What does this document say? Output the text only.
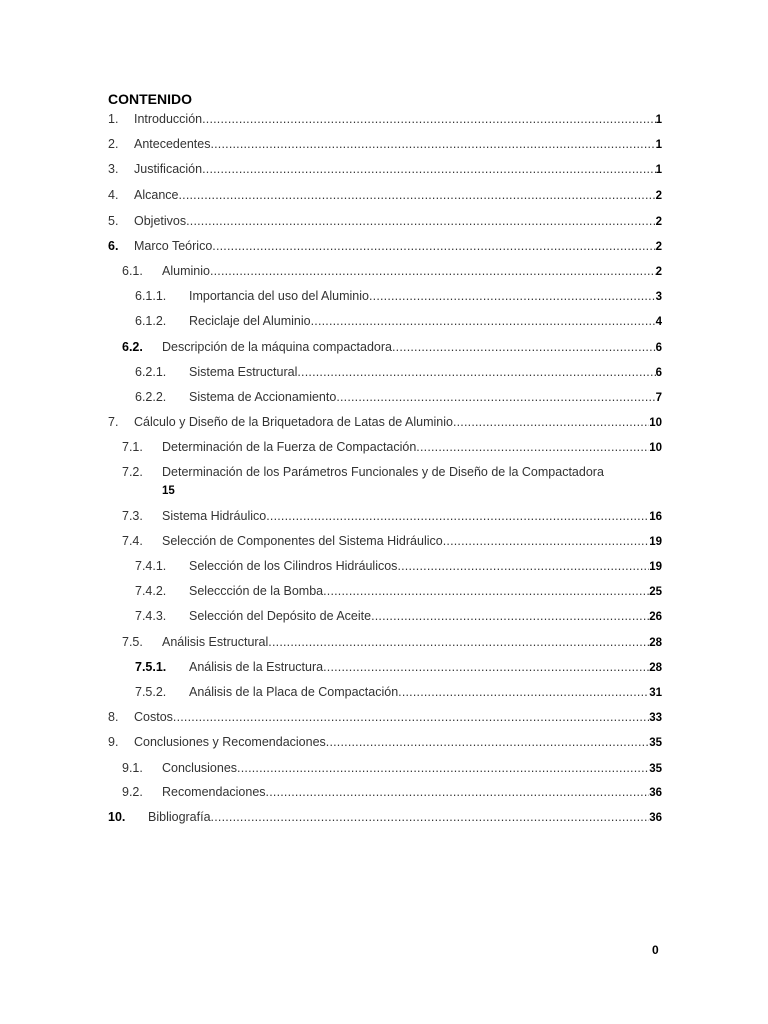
CONTENIDO
1.	Introducción .....	1
2.	Antecedentes .....	1
3.	Justificación .....	1
4.	Alcance .....	2
5.	Objetivos .....	2
6.	Marco Teórico .....	2
6.1.	Aluminio .....	2
6.1.1.	Importancia del uso del Aluminio .....	3
6.1.2.	Reciclaje del Aluminio .....	4
6.2.	Descripción de la máquina compactadora .....	6
6.2.1.	Sistema Estructural .....	6
6.2.2.	Sistema de Accionamiento .....	7
7.	Cálculo y Diseño de la Briquetadora de Latas de Aluminio .....	10
7.1.	Determinación de la Fuerza de Compactación .....	10
7.2.	Determinación de los Parámetros Funcionales y de Diseño de la Compactadora
15
7.3.	Sistema Hidráulico .....	16
7.4.	Selección de Componentes del Sistema Hidráulico .....	19
7.4.1.	Selección de los Cilindros Hidráulicos .....	19
7.4.2.	Seleccción de la Bomba .....	25
7.4.3.	Selección del Depósito de Aceite .....	26
7.5.	Análisis Estructural .....	28
7.5.1.	Análisis de la Estructura .....	28
7.5.2.	Análisis de la Placa de Compactación .....	31
8.	Costos .....	33
9.	Conclusiones y Recomendaciones .....	35
9.1.	Conclusiones .....	35
9.2.	Recomendaciones .....	36
10.	Bibliografía .....	36
0
